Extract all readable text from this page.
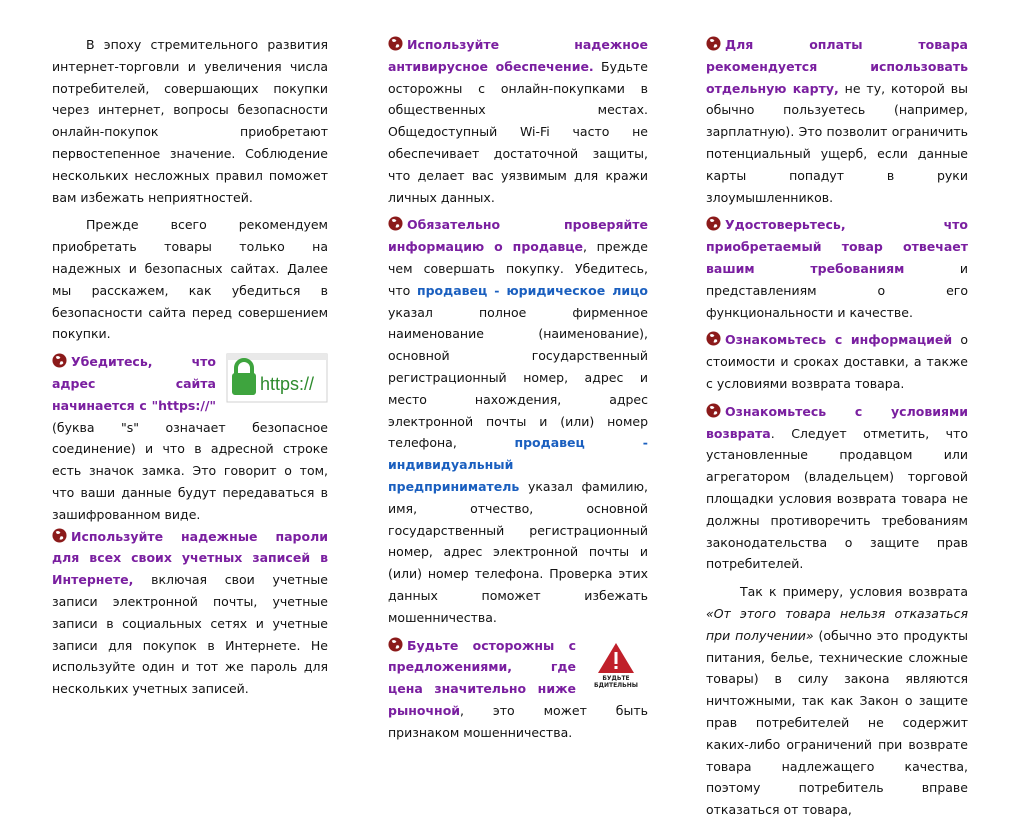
В эпоху стремительного развития интернет-торговли и увеличения числа потребителей, совершающих покупки через интернет, вопросы безопасности онлайн-покупок приобретают первостепенное значение. Соблюдение нескольких несложных правил поможет вам избежать неприятностей.

Прежде всего рекомендуем приобретать товары только на надежных и безопасных сайтах. Далее мы расскажем, как убедиться в безопасности сайта перед совершением покупки.

https://

Убедитесь, что адрес сайта начинается с "https://" (буква "s" означает безопасное соединение) и что в адресной строке есть значок замка. Это говорит о том, что ваши данные будут передаваться в зашифрованном виде.

Используйте надежные пароли для всех своих учетных записей в Интернете, включая свои учетные записи электронной почты, учетные записи в социальных сетях и учетные записи для покупок в Интернете. Не используйте один и тот же пароль для нескольких учетных записей.

Используйте надежное антивирусное обеспечение. Будьте осторожны с онлайн-покупками в общественных местах. Общедоступный Wi-Fi часто не обеспечивает достаточной защиты, что делает вас уязвимым для кражи личных данных.

Обязательно проверяйте информацию о продавце, прежде чем совершать покупку. Убедитесь, что продавец - юридическое лицо указал полное фирменное наименование (наименование), основной государственный регистрационный номер, адрес и место нахождения, адрес электронной почты и (или) номер телефона, продавец - индивидуальный предприниматель указал фамилию, имя, отчество, основной государственный регистрационный номер, адрес электронной почты и (или) номер телефона. Проверка этих данных поможет избежать мошенничества.

БУДЬТЕ
БДИТЕЛЬНЫ

Будьте осторожны с предложениями, где цена значительно ниже рыночной, это может быть признаком мошенничества.

Для оплаты товара рекомендуется использовать отдельную карту, не ту, которой вы обычно пользуетесь (например, зарплатную). Это позволит ограничить потенциальный ущерб, если данные карты попадут в руки злоумышленников.

Удостоверьтесь, что приобретаемый товар отвечает вашим требованиям и представлениям о его функциональности и качестве.

Ознакомьтесь с информацией о стоимости и сроках доставки, а также с условиями возврата товара.

Ознакомьтесь с условиями возврата. Следует отметить, что установленные продавцом или агрегатором (владельцем) торговой площадки условия возврата товара не должны противоречить требованиям законодательства о защите прав потребителей.

Так к примеру, условия возврата «От этого товара нельзя отказаться при получении» (обычно это продукты питания, белье, технические сложные товары) в силу закона являются ничтожными, так как Закон о защите прав потребителей не содержит каких-либо ограничений при возврате товара надлежащего качества, поэтому потребитель вправе отказаться от товара,
